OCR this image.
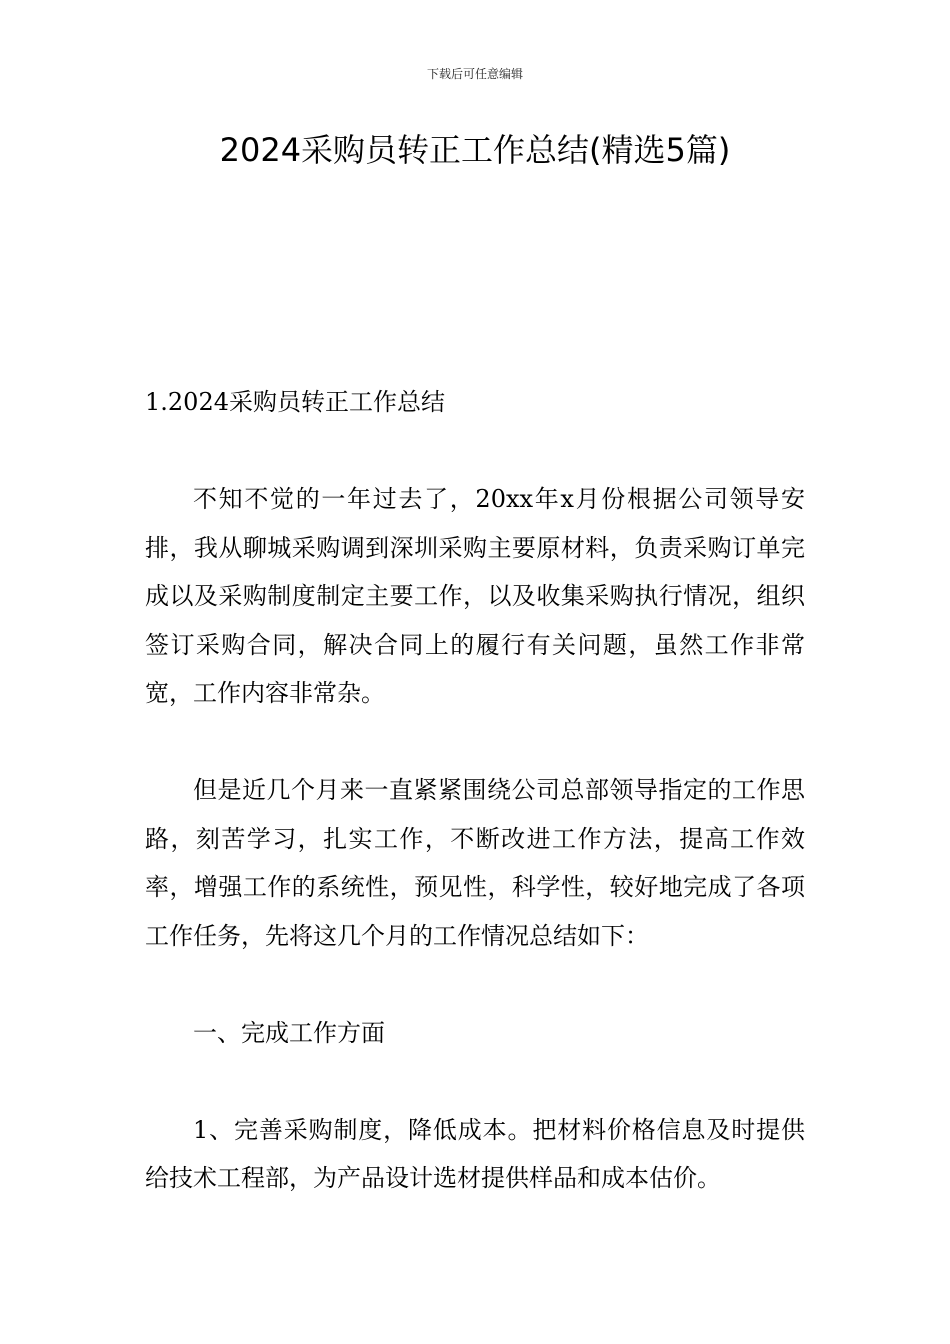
下载后可任意编辑
2024采购员转正工作总结(精选5篇)

1.2024采购员转正工作总结

不知不觉的一年过去了，20xx年x月份根据公司领导安排，我从聊城采购调到深圳采购主要原材料，负责采购订单完成以及采购制度制定主要工作，以及收集采购执行情况，组织签订采购合同，解决合同上的履行有关问题，虽然工作非常宽，工作内容非常杂。

但是近几个月来一直紧紧围绕公司总部领导指定的工作思路，刻苦学习，扎实工作，不断改进工作方法，提高工作效率，增强工作的系统性，预见性，科学性，较好地完成了各项工作任务，先将这几个月的工作情况总结如下：

一、完成工作方面

1、完善采购制度，降低成本。把材料价格信息及时提供给技术工程部，为产品设计选材提供样品和成本估价。
